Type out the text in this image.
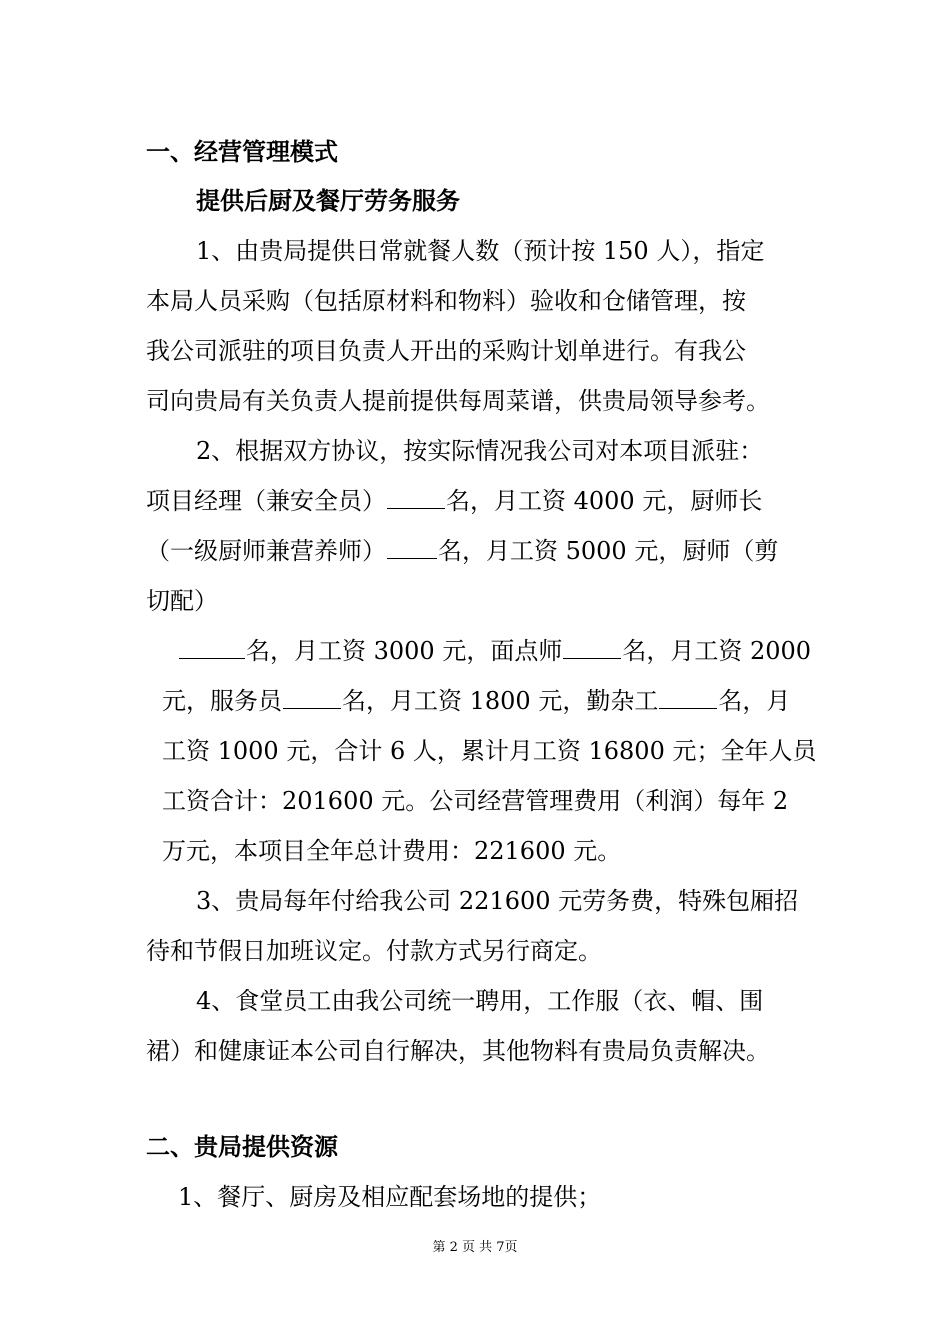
一、经营管理模式
提供后厨及餐厅劳务服务
1、由贵局提供日常就餐人数（预计按 150 人），指定
本局人员采购（包括原材料和物料）验收和仓储管理，按
我公司派驻的项目负责人开出的采购计划单进行。有我公
司向贵局有关负责人提前提供每周菜谱，供贵局领导参考。
2、根据双方协议，按实际情况我公司对本项目派驻：
项目经理（兼安全员）	名，月工资 4000 元，厨师长
（一级厨师兼营养师） 名，月工资 5000 元，厨师（剪
切配）
名，月工资 3000 元，面点师	名，月工资 2000
元，服务员	名，月工资 1800 元，勤杂工	名，月
工资 1000 元，合计 6 人，累计月工资 16800 元；全年人员
工资合计：201600 元。公司经营管理费用（利润）每年 2
万元，本项目全年总计费用：221600 元。
3、贵局每年付给我公司 221600 元劳务费，特殊包厢招
待和节假日加班议定。付款方式另行商定。
4、食堂员工由我公司统一聘用，工作服（衣、帽、围
裙）和健康证本公司自行解决，其他物料有贵局负责解决。
二、贵局提供资源
1、餐厅、厨房及相应配套场地的提供；
第 2 页 共 7页
